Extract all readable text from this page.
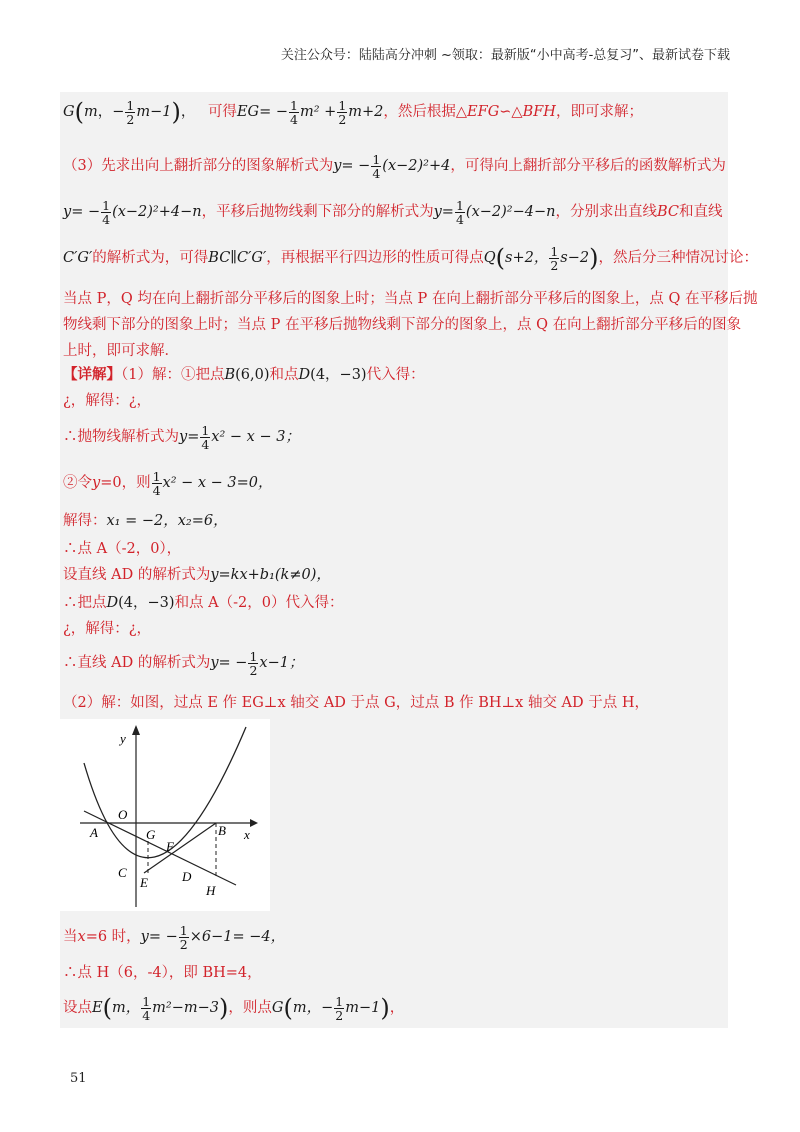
关注公众号：陆陆高分冲刺 ~领取：最新版“小中高考-总复习”、最新试卷下载
G(m，− $\frac{1}{2} m-1$)， 可得$EG= - \frac{1}{4} m^2 + \frac{1}{2} m+2$，然后根据△EFG∽△BFH，即可求解；
（3）先求出向上翻折部分的图象解析式为$y= - \frac{1}{4} (x-2)^2+4$，可得向上翻折部分平移后的函数解析式为
$y= - \frac{1}{4} (x-2)^2+4-n$，平移后抛物线剩下部分的解析式为$y= \frac{1}{4} (x-2)^2-4-n$，分别求出直线BC和直线
C′G′的解析式为，可得BC∥C′G′，再根据平行四边形的性质可得点Q(s+2， $\frac{1}{2} s-2$)，然后分三种情况讨论：
当点 P，Q 均在向上翻折部分平移后的图象上时；当点 P 在向上翻折部分平移后的图象上，点 Q 在平移后抛
物线剩下部分的图象上时；当点 P 在平移后抛物线剩下部分的图象上，点 Q 在向上翻折部分平移后的图象
上时，即可求解．
【详解】（1）解：①把点B(6,0)和点D(4，−3)代入得：
¿，解得：¿，
∴抛物线解析式为$y= \frac{1}{4} x^2 - x - 3$；
②令y=0，则 $\frac{1}{4} x^2 - x - 3=0$，
解得：x₁ = −2，x₂=6，
∴点 A（-2，0），
设直线 AD 的解析式为y=kx+b₁(k≠0)，
∴把点D(4，−3)和点 A（-2，0）代入得：
¿，解得：¿，
∴直线 AD 的解析式为$y= - \frac{1}{2} x-1$；
（2）解：如图，过点 E 作 EG⊥x 轴交 AD 于点 G，过点 B 作 BH⊥x 轴交 AD 于点 H，
y
O
A	G
F
B x
C
E	D
H
当x=6 时，$y= - \frac{1}{2} \times 6-1= -4$，
∴点 H（6，-4），即 BH=4，
设点E(m， $\frac{1}{4} m^2-m-3$)，则点G(m，− $\frac{1}{2} m-1$)，
51
